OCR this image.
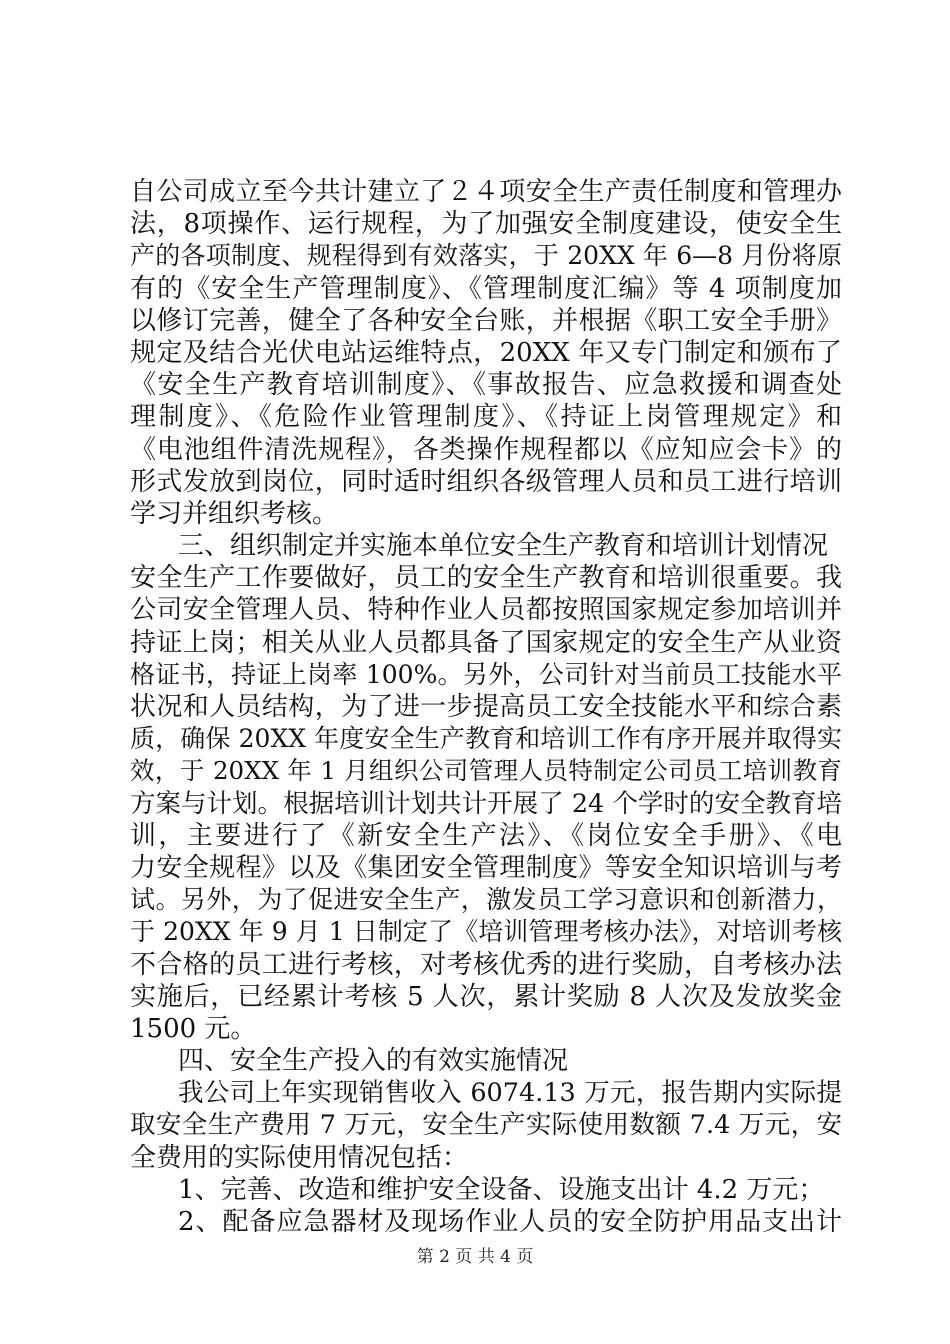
自公司成立至今共计建立了２４项安全生产责任制度和管理办
法，8项操作、运行规程，为了加强安全制度建设，使安全生
产的各项制度、规程得到有效落实，于 20XX 年 6—8 月份将原
有的《安全生产管理制度》、《管理制度汇编》等 4 项制度加
以修订完善，健全了各种安全台账，并根据《职工安全手册》
规定及结合光伏电站运维特点，20XX 年又专门制定和颁布了
《安全生产教育培训制度》、《事故报告、应急救援和调查处
理制度》、《危险作业管理制度》、《持证上岗管理规定》和
《电池组件清洗规程》，各类操作规程都以《应知应会卡》的
形式发放到岗位，同时适时组织各级管理人员和员工进行培训
学习并组织考核。
三、组织制定并实施本单位安全生产教育和培训计划情况
安全生产工作要做好，员工的安全生产教育和培训很重要。我
公司安全管理人员、特种作业人员都按照国家规定参加培训并
持证上岗；相关从业人员都具备了国家规定的安全生产从业资
格证书，持证上岗率 100%。另外，公司针对当前员工技能水平
状况和人员结构，为了进一步提高员工安全技能水平和综合素
质，确保 20XX 年度安全生产教育和培训工作有序开展并取得实
效，于 20XX 年 1 月组织公司管理人员特制定公司员工培训教育
方案与计划。根据培训计划共计开展了 24 个学时的安全教育培
训，主要进行了《新安全生产法》、《岗位安全手册》、《电
力安全规程》以及《集团安全管理制度》等安全知识培训与考
试。另外，为了促进安全生产，激发员工学习意识和创新潜力，
于 20XX 年 9 月 1 日制定了《培训管理考核办法》，对培训考核
不合格的员工进行考核，对考核优秀的进行奖励，自考核办法
实施后，已经累计考核 5 人次，累计奖励 8 人次及发放奖金
1500 元。
四、安全生产投入的有效实施情况
我公司上年实现销售收入 6074.13 万元，报告期内实际提
取安全生产费用 7 万元，安全生产实际使用数额 7.4 万元，安
全费用的实际使用情况包括：
1、完善、改造和维护安全设备、设施支出计 4.2 万元；
2、配备应急器材及现场作业人员的安全防护用品支出计
第 2 页 共 4 页
